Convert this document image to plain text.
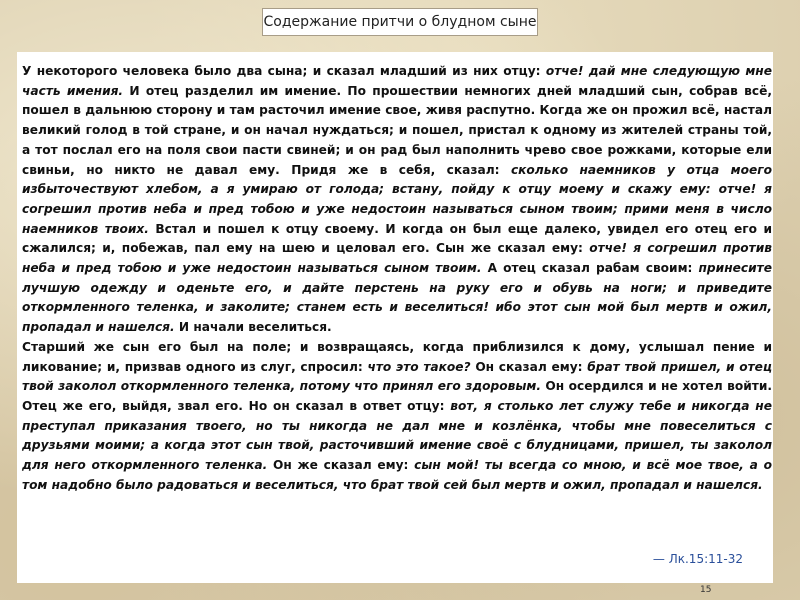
Содержание притчи о блудном сыне

У некоторого человека было два сына; и сказал младший из них отцу: отче! дай мне следующую мне часть имения. И отец разделил им имение. По прошествии немногих дней младший сын, собрав всё, пошел в дальнюю сторону и там расточил имение свое, живя распутно. Когда же он прожил всё, настал великий голод в той стране, и он начал нуждаться; и пошел, пристал к одному из жителей страны той, а тот послал его на поля свои пасти свиней; и он рад был наполнить чрево свое рожками, которые ели свиньи, но никто не давал ему. Придя же в себя, сказал: сколько наемников у отца моего избыточествуют хлебом, а я умираю от голода; встану, пойду к отцу моему и скажу ему: отче! я согрешил против неба и пред тобою и уже недостоин называться сыном твоим; прими меня в число наемников твоих. Встал и пошел к отцу своему. И когда он был еще далеко, увидел его отец его и сжалился; и, побежав, пал ему на шею и целовал его. Сын же сказал ему: отче! я согрешил против неба и пред тобою и уже недостоин называться сыном твоим. А отец сказал рабам своим: принесите лучшую одежду и оденьте его, и дайте перстень на руку его и обувь на ноги; и приведите откормленного теленка, и заколите; станем есть и веселиться! ибо этот сын мой был мертв и ожил, пропадал и нашелся. И начали веселиться.

Старший же сын его был на поле; и возвращаясь, когда приблизился к дому, услышал пение и ликование; и, призвав одного из слуг, спросил: что это такое? Он сказал ему: брат твой пришел, и отец твой заколол откормленного теленка, потому что принял его здоровым. Он осердился и не хотел войти. Отец же его, выйдя, звал его. Но он сказал в ответ отцу: вот, я столько лет служу тебе и никогда не преступал приказания твоего, но ты никогда не дал мне и козлёнка, чтобы мне повеселиться с друзьями моими; а когда этот сын твой, расточивший имение своё с блудницами, пришел, ты заколол для него откормленного теленка. Он же сказал ему: сын мой! ты всегда со мною, и всё мое твое, а о том надобно было радоваться и веселиться, что брат твой сей был мертв и ожил, пропадал и нашелся.

— Лк.15:11-32
15
